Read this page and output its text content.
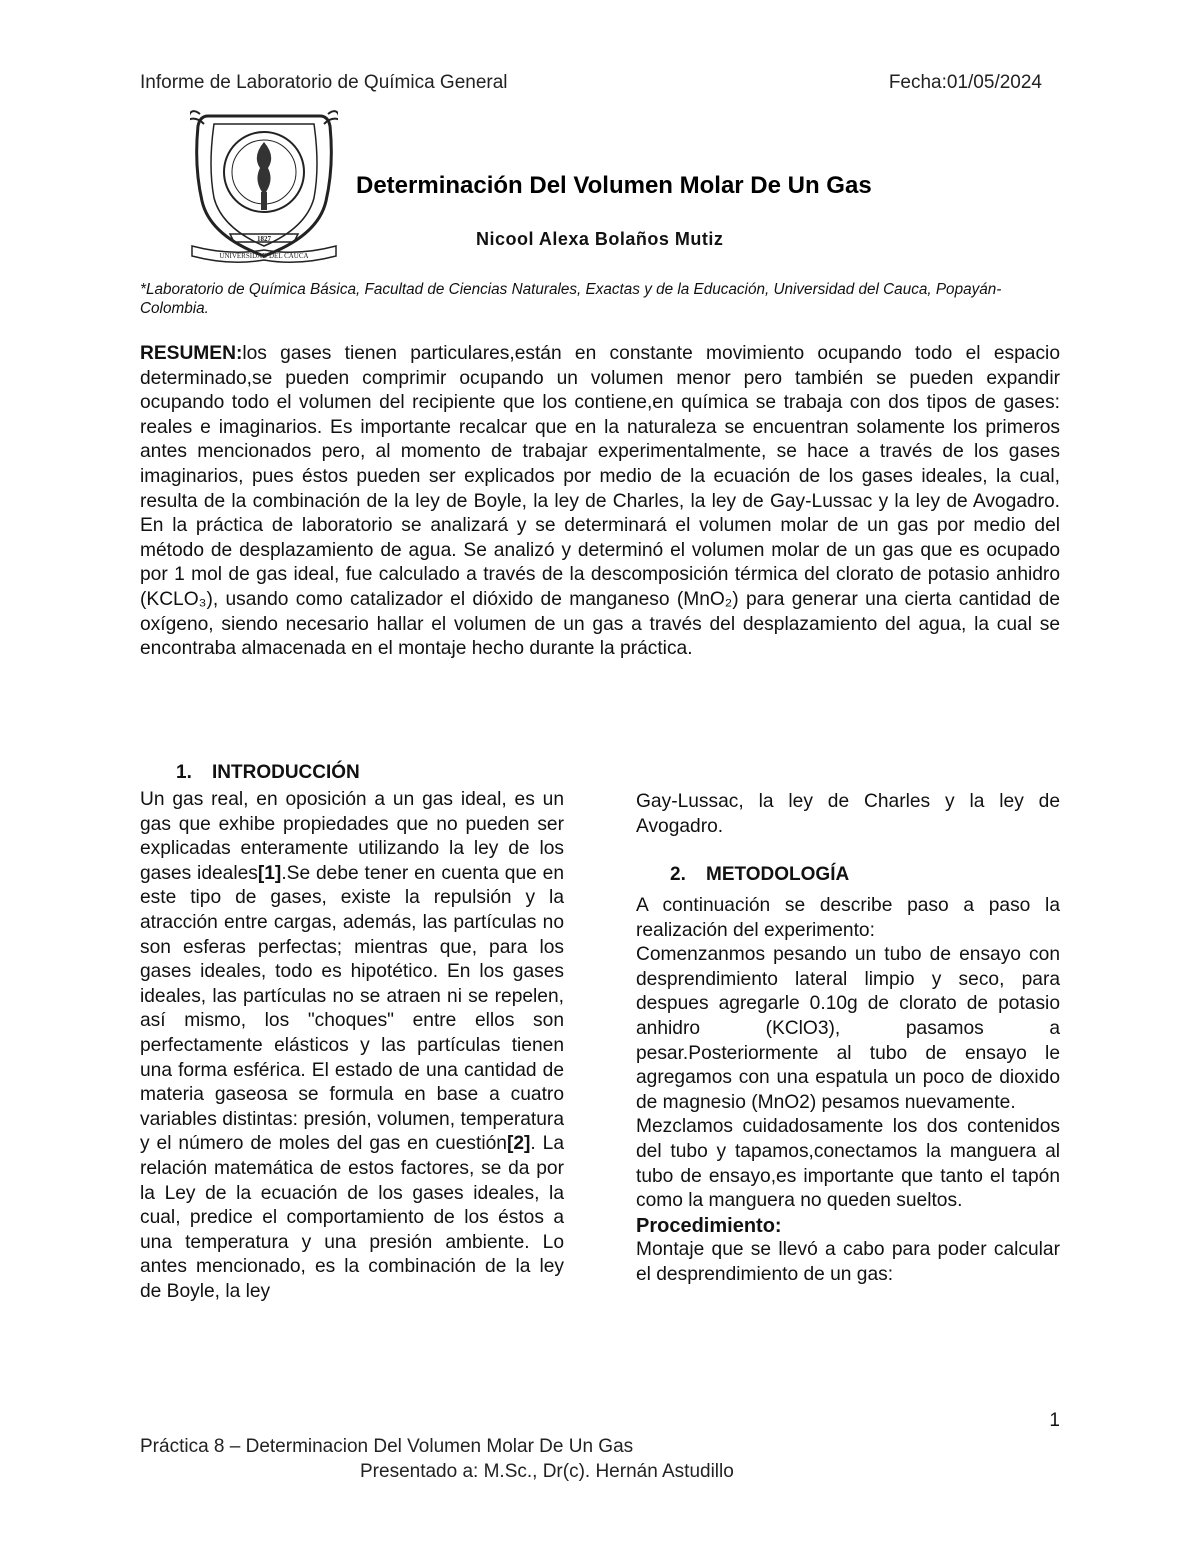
Informe de Laboratorio de Química General	Fecha:01/05/2024
1827
UNIVERSIDAD DEL CAUCA
Determinación Del Volumen Molar De Un Gas
Nicool Alexa Bolaños Mutiz
*Laboratorio de Química Básica, Facultad de Ciencias Naturales, Exactas y de la Educación, Universidad del Cauca, Popayán-Colombia.
RESUMEN:los gases tienen particulares,están en constante movimiento ocupando todo el espacio determinado,se pueden comprimir ocupando un volumen menor pero también se pueden expandir ocupando todo el volumen del recipiente que los contiene,en química se trabaja con dos tipos de gases: reales e imaginarios. Es importante recalcar que en la naturaleza se encuentran solamente los primeros antes mencionados pero, al momento de trabajar experimentalmente, se hace a través de los gases imaginarios, pues éstos pueden ser explicados por medio de la ecuación de los gases ideales, la cual, resulta de la combinación de la ley de Boyle, la ley de Charles, la ley de Gay-Lussac y la ley de Avogadro. En la práctica de laboratorio se analizará y se determinará el volumen molar de un gas por medio del método de desplazamiento de agua. Se analizó y determinó el volumen molar de un gas que es ocupado por 1 mol de gas ideal, fue calculado a través de la descomposición térmica del clorato de potasio anhidro (KCLO₃), usando como catalizador el dióxido de manganeso (MnO₂) para generar una cierta cantidad de oxígeno, siendo necesario hallar el volumen de un gas a través del desplazamiento del agua, la cual se encontraba almacenada en el montaje hecho durante la práctica.
1. INTRODUCCIÓN
Un gas real, en oposición a un gas ideal, es un gas que exhibe propiedades que no pueden ser explicadas enteramente utilizando la ley de los gases ideales[1].Se debe tener en cuenta que en este tipo de gases, existe la repulsión y la atracción entre cargas, además, las partículas no son esferas perfectas; mientras que, para los gases ideales, todo es hipotético. En los gases ideales, las partículas no se atraen ni se repelen, así mismo, los "choques" entre ellos son perfectamente elásticos y las partículas tienen una forma esférica. El estado de una cantidad de materia gaseosa se formula en base a cuatro variables distintas: presión, volumen, temperatura y el número de moles del gas en cuestión[2]. La relación matemática de estos factores, se da por la Ley de la ecuación de los gases ideales, la cual, predice el comportamiento de los éstos a una temperatura y una presión ambiente. Lo antes mencionado, es la combinación de la ley de Boyle, la ley
Gay-Lussac, la ley de Charles y la ley de Avogadro.
2. METODOLOGÍA

A continuación se describe paso a paso la realización del experimento:

Comenzanmos pesando un tubo de ensayo con desprendimiento lateral limpio y seco, para despues agregarle 0.10g de clorato de potasio anhidro (KClO3), pasamos a pesar.Posteriormente al tubo de ensayo le agregamos con una espatula un poco de dioxido de magnesio (MnO2) pesamos nuevamente.

Mezclamos cuidadosamente los dos contenidos del tubo y tapamos,conectamos la manguera al tubo de ensayo,es importante que tanto el tapón como la manguera no queden sueltos.

Procedimiento:

Montaje que se llevó a cabo para poder calcular el desprendimiento de un gas:

1
Práctica 8 – Determinacion Del Volumen Molar De Un Gas
Presentado a: M.Sc., Dr(c). Hernán Astudillo
